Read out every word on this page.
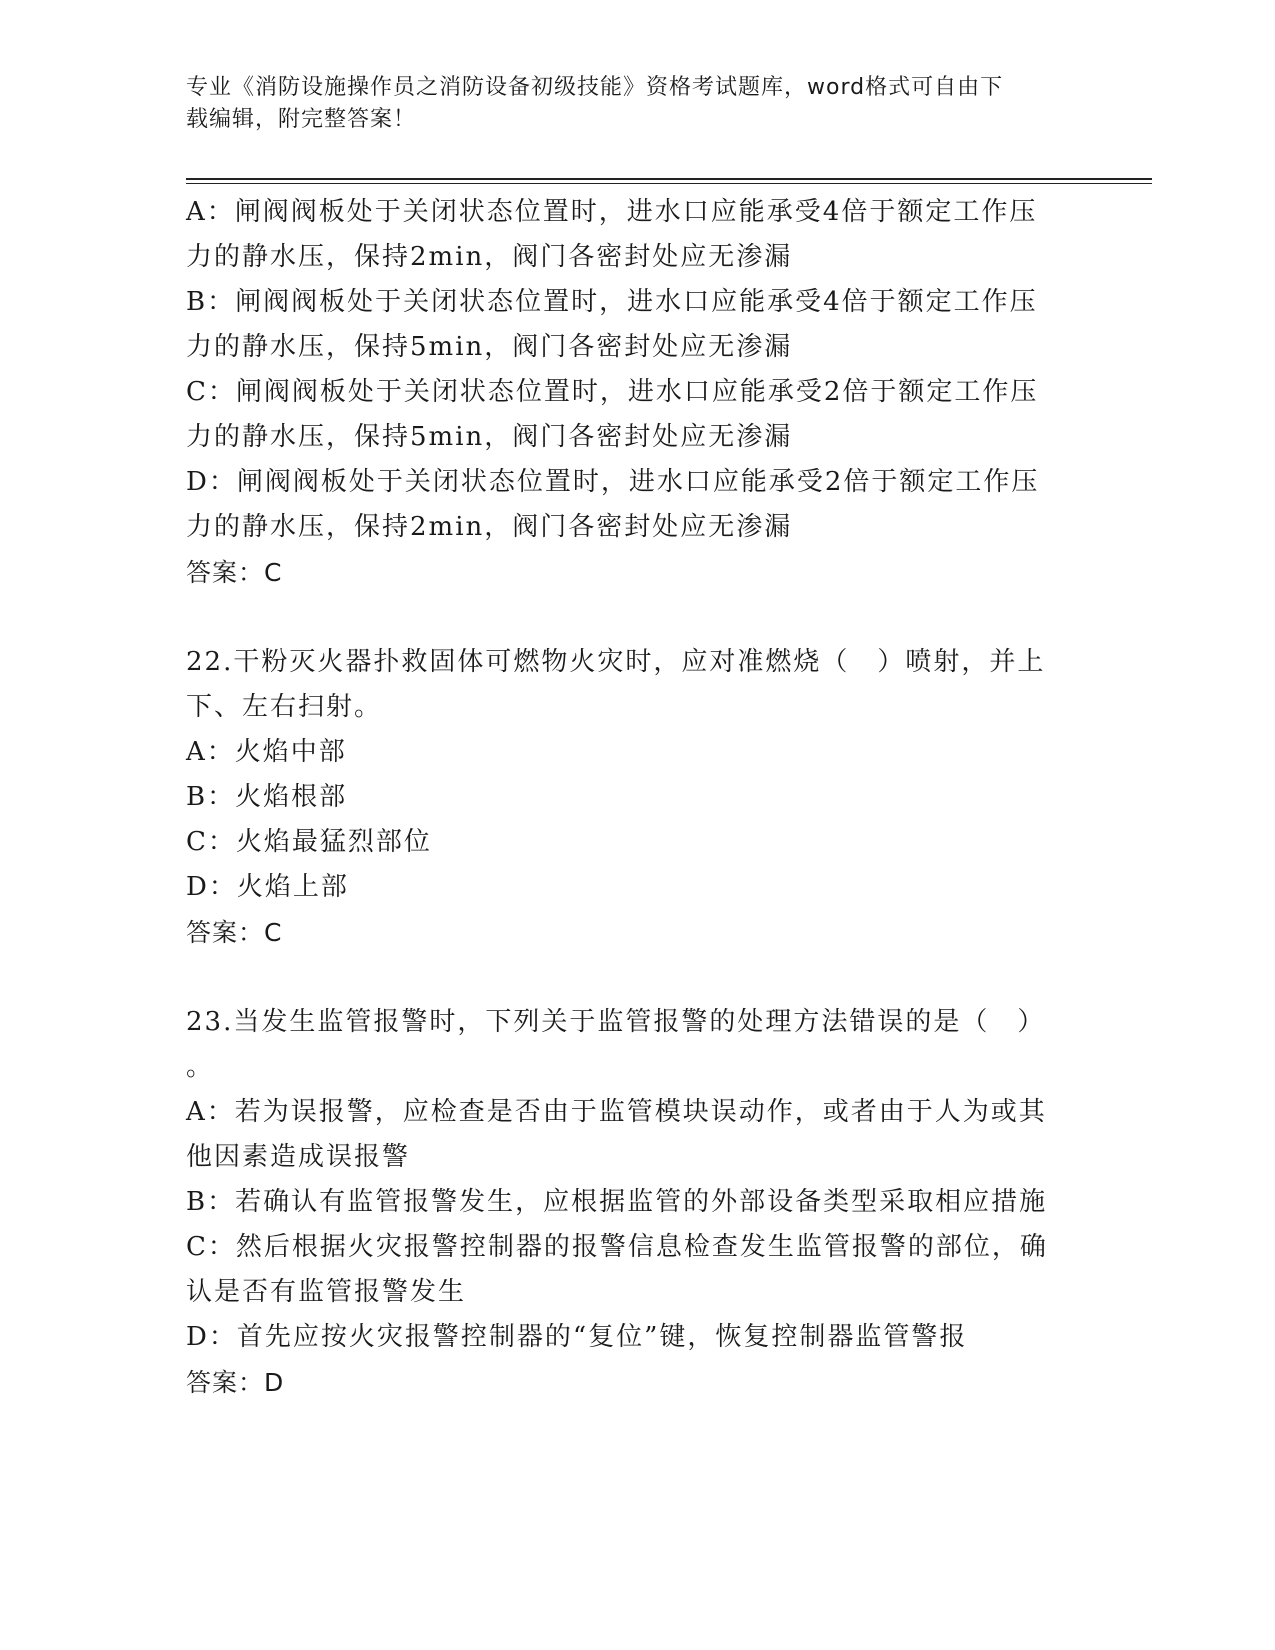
专业《消防设施操作员之消防设备初级技能》资格考试题库，word格式可自由下
载编辑，附完整答案！
A：闸阀阀板处于关闭状态位置时，进水口应能承受4倍于额定工作压
力的静水压，保持2min，阀门各密封处应无渗漏
B：闸阀阀板处于关闭状态位置时，进水口应能承受4倍于额定工作压
力的静水压，保持5min，阀门各密封处应无渗漏
C：闸阀阀板处于关闭状态位置时，进水口应能承受2倍于额定工作压
力的静水压，保持5min，阀门各密封处应无渗漏
D：闸阀阀板处于关闭状态位置时，进水口应能承受2倍于额定工作压
力的静水压，保持2min，阀门各密封处应无渗漏
答案：C
22.干粉灭火器扑救固体可燃物火灾时，应对准燃烧（　）喷射，并上
下、左右扫射。
A：火焰中部
B：火焰根部
C：火焰最猛烈部位
D：火焰上部
答案：C
23.当发生监管报警时，下列关于监管报警的处理方法错误的是（　）
。
A：若为误报警，应检查是否由于监管模块误动作，或者由于人为或其
他因素造成误报警
B：若确认有监管报警发生，应根据监管的外部设备类型采取相应措施
C：然后根据火灾报警控制器的报警信息检查发生监管报警的部位，确
认是否有监管报警发生
D：首先应按火灾报警控制器的“复位”键，恢复控制器监管警报
答案：D
